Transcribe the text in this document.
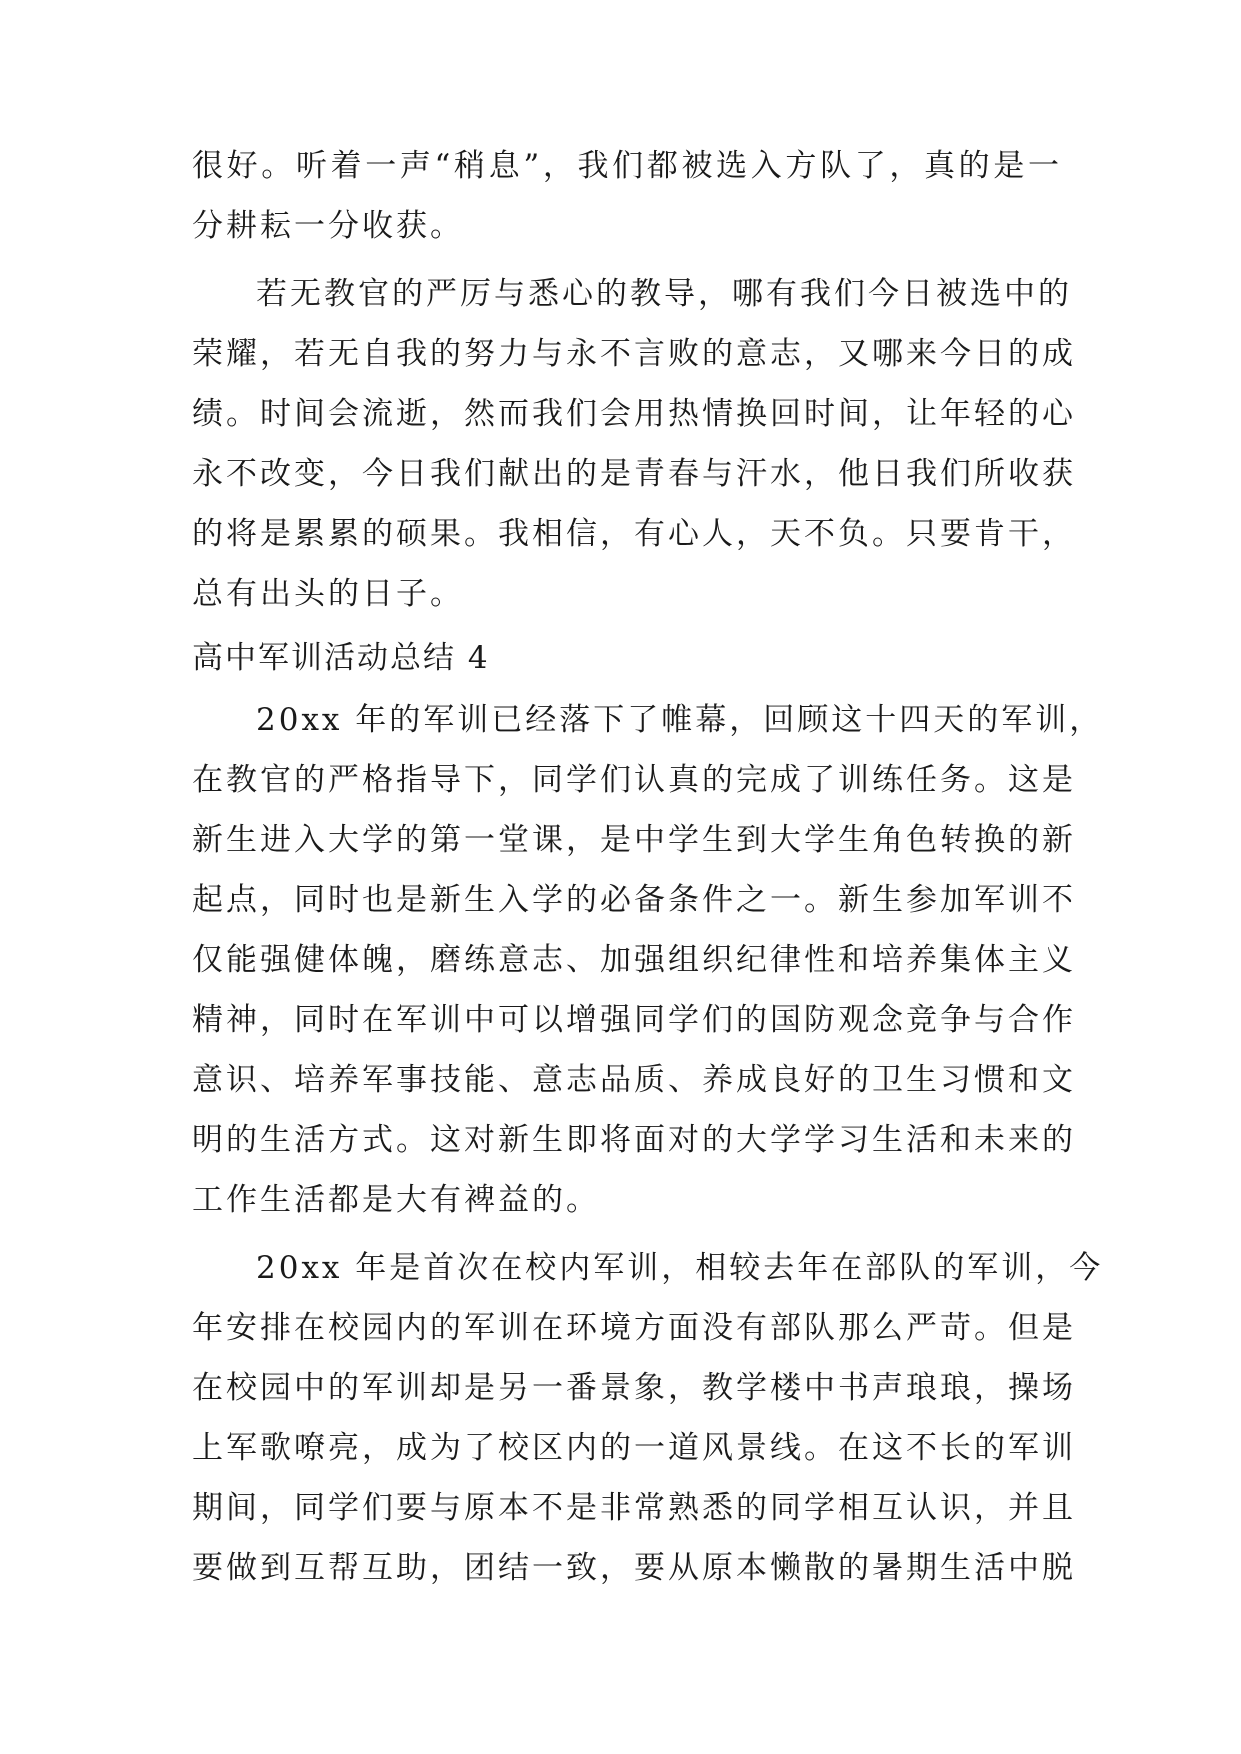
很好。听着一声“稍息”，我们都被选入方队了，真的是一
分耕耘一分收获。
若无教官的严厉与悉心的教导，哪有我们今日被选中的
荣耀，若无自我的努力与永不言败的意志，又哪来今日的成
绩。时间会流逝，然而我们会用热情换回时间，让年轻的心
永不改变，今日我们献出的是青春与汗水，他日我们所收获
的将是累累的硕果。我相信，有心人，天不负。只要肯干，
总有出头的日子。
高中军训活动总结 4
20xx 年的军训已经落下了帷幕，回顾这十四天的军训，
在教官的严格指导下，同学们认真的完成了训练任务。这是
新生进入大学的第一堂课，是中学生到大学生角色转换的新
起点，同时也是新生入学的必备条件之一。新生参加军训不
仅能强健体魄，磨练意志、加强组织纪律性和培养集体主义
精神，同时在军训中可以增强同学们的国防观念竞争与合作
意识、培养军事技能、意志品质、养成良好的卫生习惯和文
明的生活方式。这对新生即将面对的大学学习生活和未来的
工作生活都是大有裨益的。
20xx 年是首次在校内军训，相较去年在部队的军训，今
年安排在校园内的军训在环境方面没有部队那么严苛。但是
在校园中的军训却是另一番景象，教学楼中书声琅琅，操场
上军歌嘹亮，成为了校区内的一道风景线。在这不长的军训
期间，同学们要与原本不是非常熟悉的同学相互认识，并且
要做到互帮互助，团结一致，要从原本懒散的暑期生活中脱
